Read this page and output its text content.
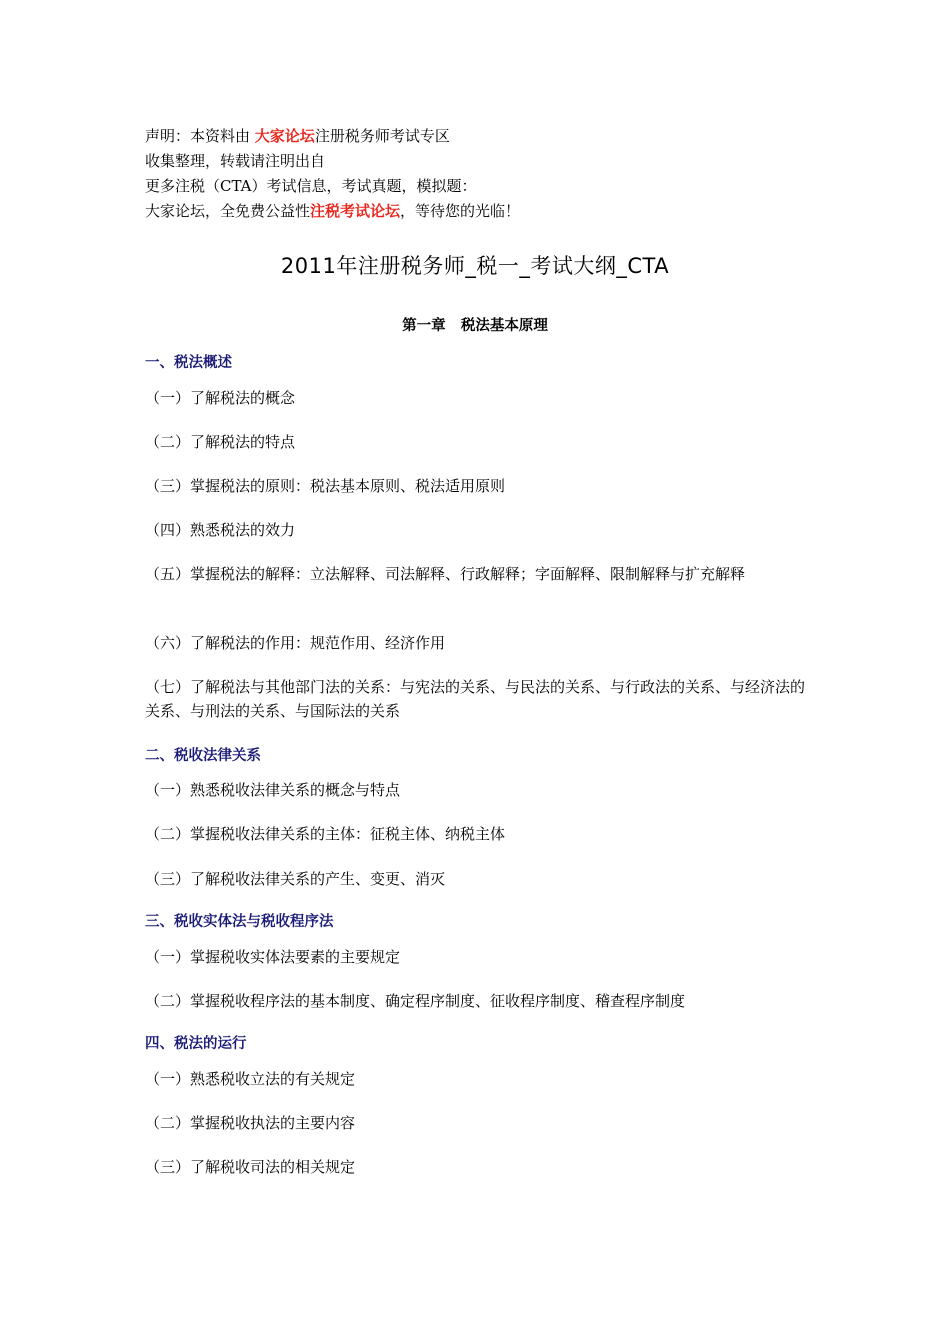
声明：本资料由 大家论坛注册税务师考试专区
收集整理，转载请注明出自
更多注税（CTA）考试信息，考试真题，模拟题：
大家论坛，全免费公益性注税考试论坛，等待您的光临！
2011年注册税务师_税一_考试大纲_CTA
第一章   税法基本原理
一、税法概述
（一）了解税法的概念
（二）了解税法的特点
（三）掌握税法的原则：税法基本原则、税法适用原则
（四）熟悉税法的效力
（五）掌握税法的解释：立法解释、司法解释、行政解释；字面解释、限制解释与扩充解释
（六）了解税法的作用：规范作用、经济作用
（七）了解税法与其他部门法的关系：与宪法的关系、与民法的关系、与行政法的关系、与经济法的关系、与刑法的关系、与国际法的关系
二、税收法律关系
（一）熟悉税收法律关系的概念与特点
（二）掌握税收法律关系的主体：征税主体、纳税主体
（三）了解税收法律关系的产生、变更、消灭
三、税收实体法与税收程序法
（一）掌握税收实体法要素的主要规定
（二）掌握税收程序法的基本制度、确定程序制度、征收程序制度、稽查程序制度
四、税法的运行
（一）熟悉税收立法的有关规定
（二）掌握税收执法的主要内容
（三）了解税收司法的相关规定
